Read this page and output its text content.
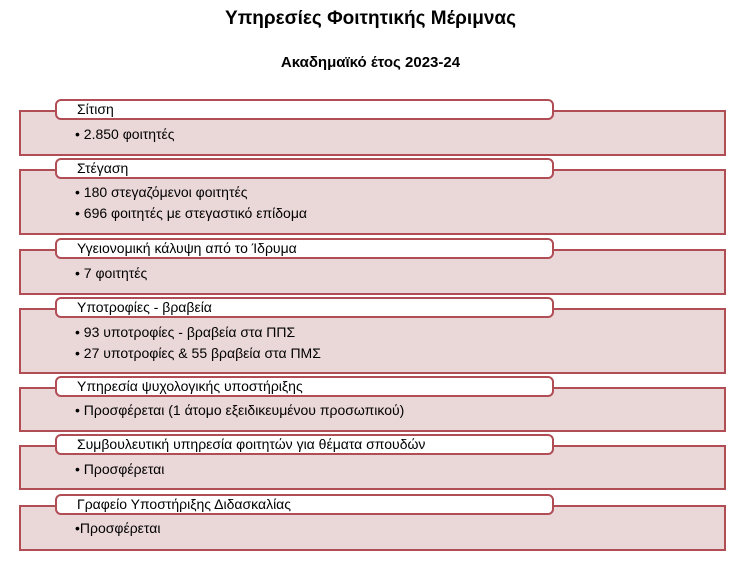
Υπηρεσίες Φοιτητικής Μέριμνας
Ακαδημαϊκό έτος 2023-24
Σίτιση
• 2.850 φοιτητές
Στέγαση
• 180 στεγαζόμενοι φοιτητές
• 696 φοιτητές με στεγαστικό επίδομα
Υγειονομική κάλυψη από το Ίδρυμα
• 7 φοιτητές
Υποτροφίες - βραβεία
• 93 υποτροφίες - βραβεία στα ΠΠΣ
• 27 υποτροφίες & 55 βραβεία στα ΠΜΣ
Υπηρεσία ψυχολογικής υποστήριξης
• Προσφέρεται (1 άτομο εξειδικευμένου προσωπικού)
Συμβουλευτική υπηρεσία φοιτητών για θέματα σπουδών
• Προσφέρεται
Γραφείο Υποστήριξης Διδασκαλίας
•Προσφέρεται
